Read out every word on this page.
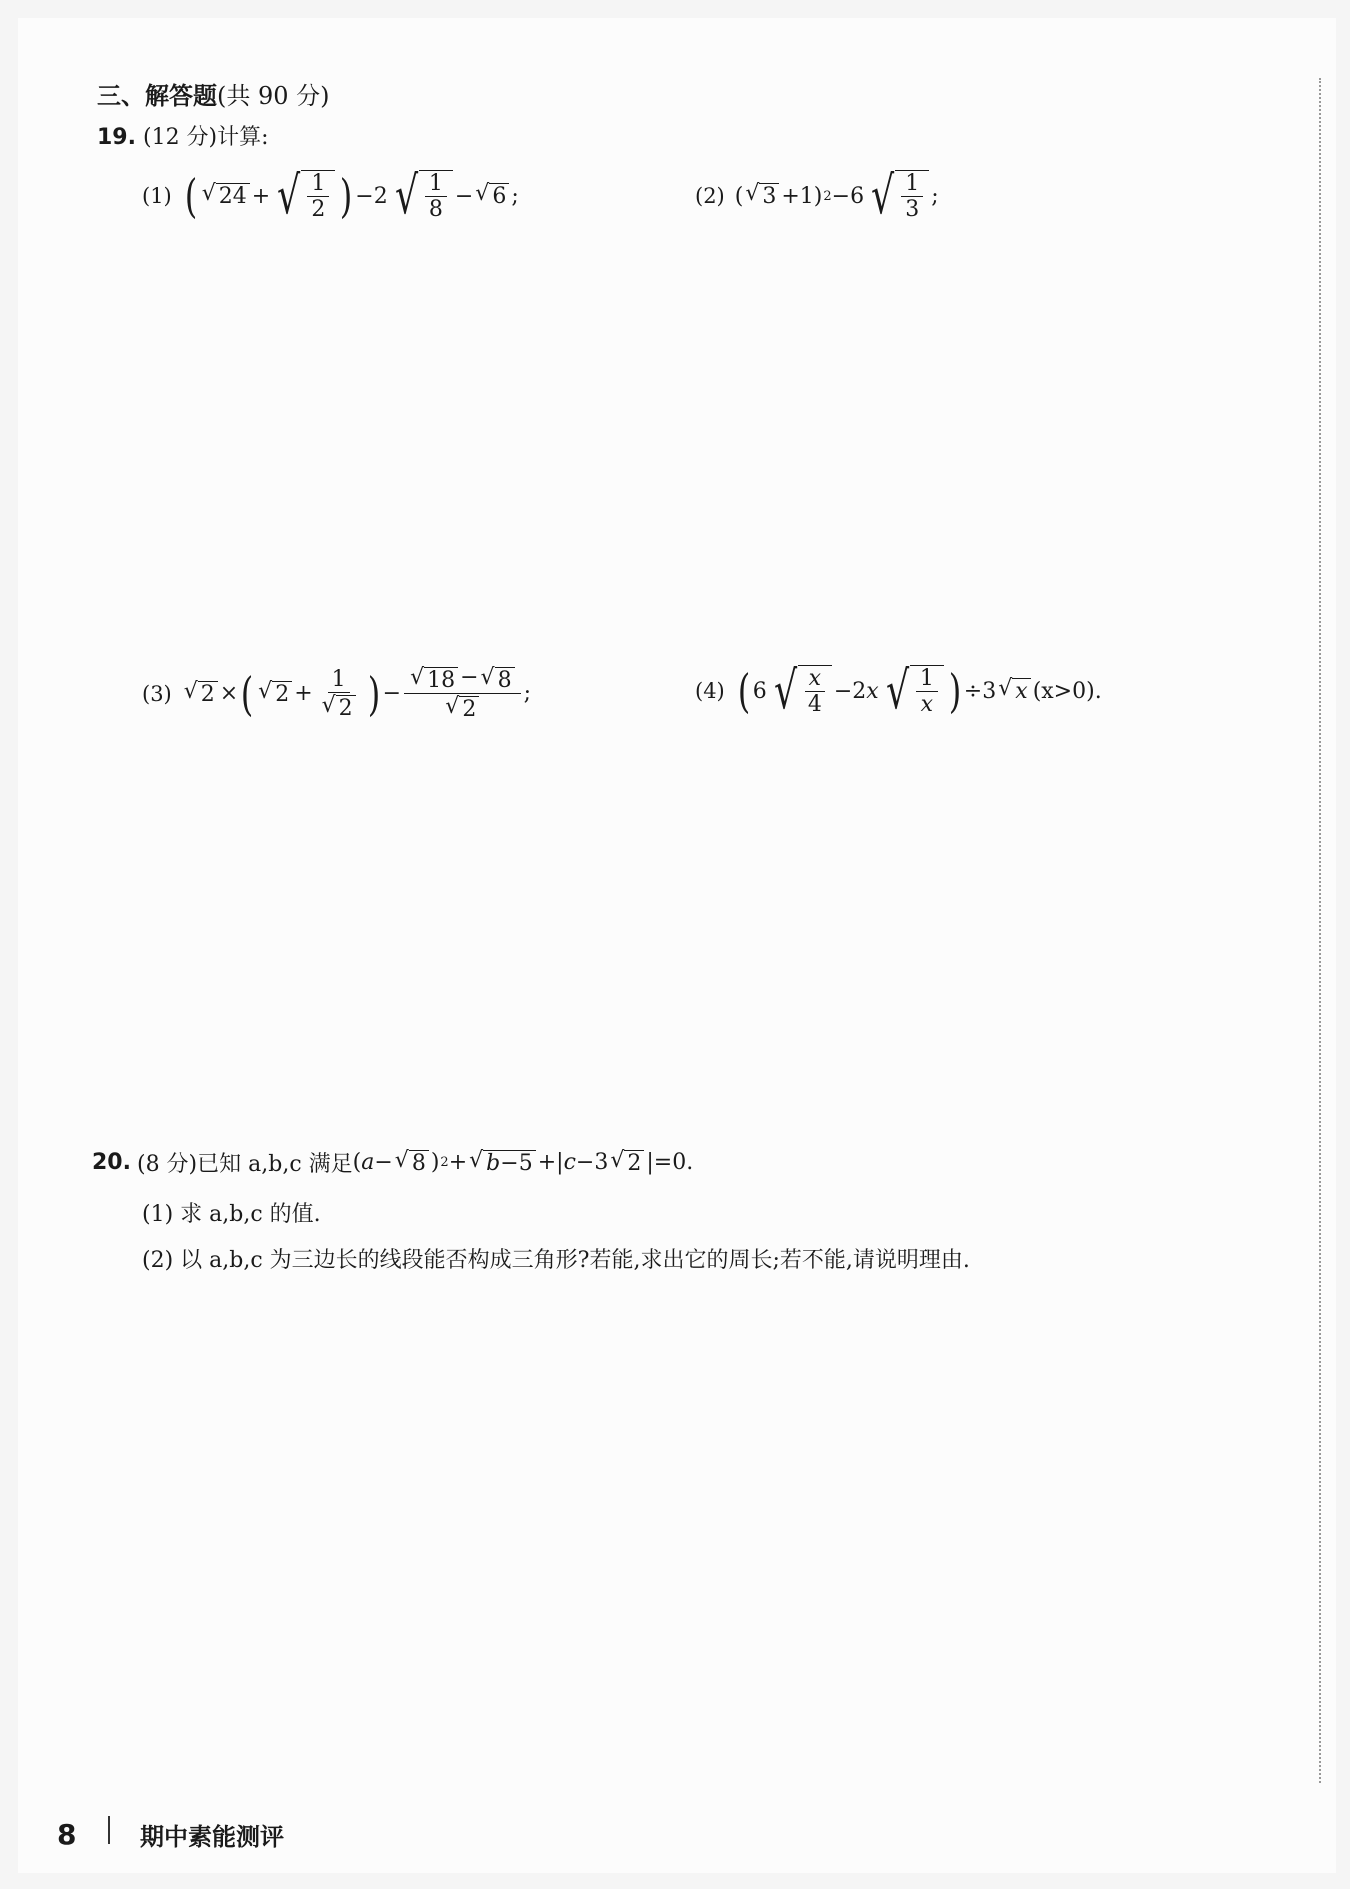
三、解答题(共 90 分)
19. (12 分)计算:
(1) ( √ 24 + √ $\frac{1}{2}$ ) −2 √ $\frac{1}{8}$ − √ 6 ;	(2) ( √ 3 +1) 2 −6 √ $\frac{1}{3}$ ;
(3) √ 2 × ( √ $2 + \frac{1}{√ 2}$ ) − $\frac{√ 18 - √ 8}{√ 2}$ ;	(4) ( 6 √ $\frac{x}{4} -2x$ √ $\frac{1}{x}$ ) ÷3 √ x (x>0).
20. (8 分)已知 a,b,c 满足 (a− √ 8 ) 2 + √ b−5 + |c−3 √ 2 | =0.
(1) 求 a,b,c 的值.
(2) 以 a,b,c 为三边长的线段能否构成三角形?若能,求出它的周长;若不能,请说明理由.
8	期中素能测评
